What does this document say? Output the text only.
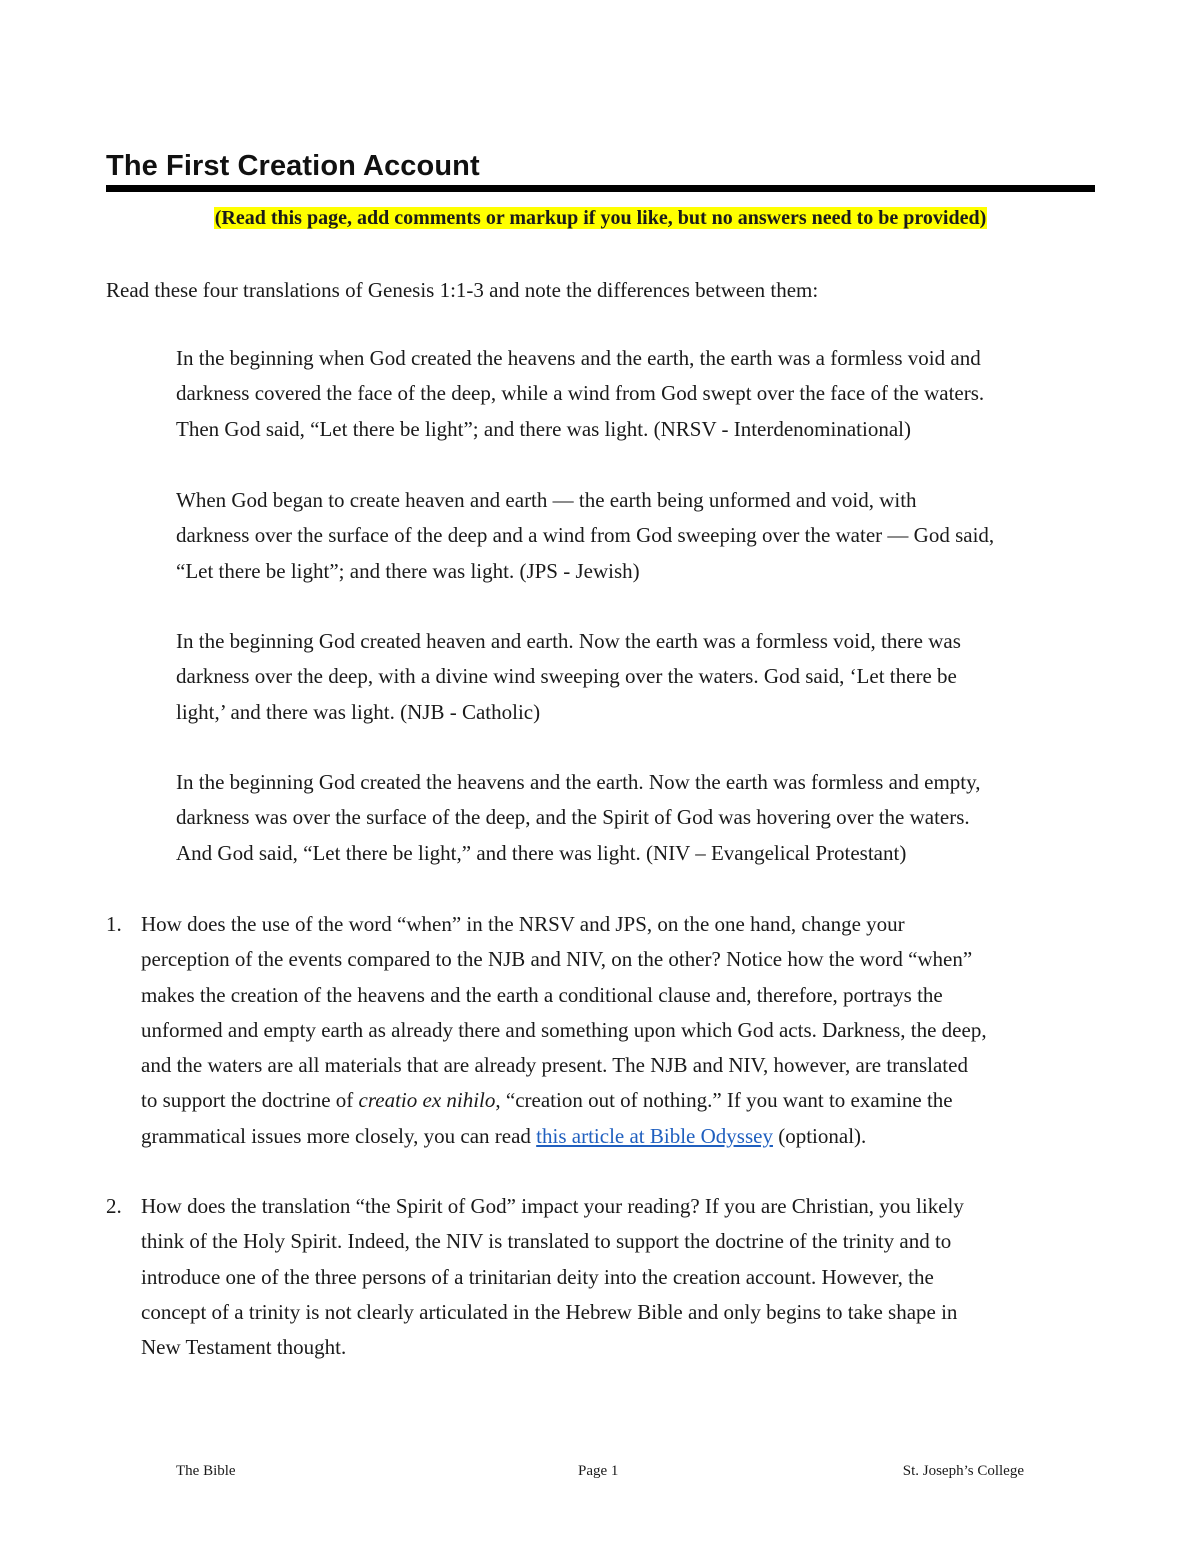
The First Creation Account
(Read this page, add comments or markup if you like, but no answers need to be provided)

Read these four translations of Genesis 1:1-3 and note the differences between them:

In the beginning when God created the heavens and the earth, the earth was a formless void and
darkness covered the face of the deep, while a wind from God swept over the face of the waters.
Then God said, “Let there be light”; and there was light. (NRSV - Interdenominational)

When God began to create heaven and earth — the earth being unformed and void, with
darkness over the surface of the deep and a wind from God sweeping over the water — God said,
“Let there be light”; and there was light. (JPS - Jewish)

In the beginning God created heaven and earth. Now the earth was a formless void, there was
darkness over the deep, with a divine wind sweeping over the waters. God said, ‘Let there be
light,’ and there was light. (NJB - Catholic)

In the beginning God created the heavens and the earth. Now the earth was formless and empty,
darkness was over the surface of the deep, and the Spirit of God was hovering over the waters.
And God said, “Let there be light,” and there was light. (NIV – Evangelical Protestant)

1. How does the use of the word “when” in the NRSV and JPS, on the one hand, change your
perception of the events compared to the NJB and NIV, on the other? Notice how the word “when”
makes the creation of the heavens and the earth a conditional clause and, therefore, portrays the
unformed and empty earth as already there and something upon which God acts. Darkness, the deep,
and the waters are all materials that are already present. The NJB and NIV, however, are translated
to support the doctrine of creatio ex nihilo, “creation out of nothing.” If you want to examine the
grammatical issues more closely, you can read this article at Bible Odyssey (optional).

2. How does the translation “the Spirit of God” impact your reading? If you are Christian, you likely
think of the Holy Spirit. Indeed, the NIV is translated to support the doctrine of the trinity and to
introduce one of the three persons of a trinitarian deity into the creation account. However, the
concept of a trinity is not clearly articulated in the Hebrew Bible and only begins to take shape in
New Testament thought.

The Bible	Page 1	St. Joseph’s College
